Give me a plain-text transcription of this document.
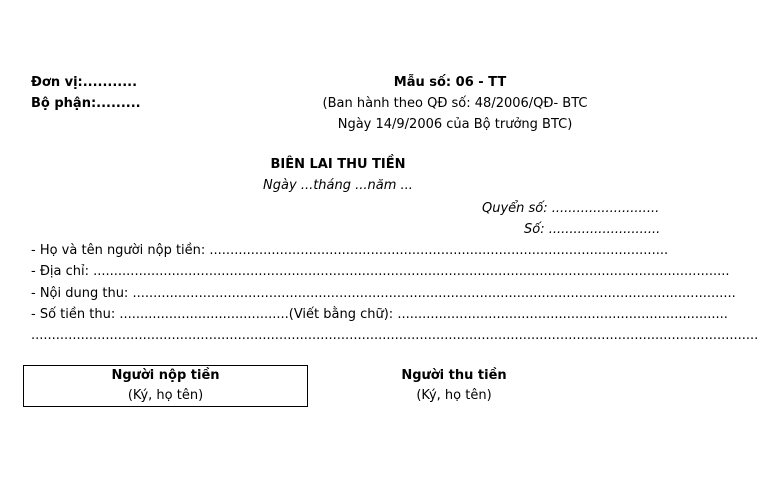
Đơn vị:...........
Bộ phận:.........
Mẫu số: 06 - TT
(Ban hành theo QĐ số: 48/2006/QĐ- BTC
Ngày 14/9/2006 của Bộ trưởng BTC)
BIÊN LAI THU TIỀN
Ngày ...tháng ...năm ...
Quyển số: ..........................
Số: ...........................
- Họ và tên người nộp tiền: ...............................................................................................................
- Địa chỉ: ..........................................................................................................................................................
- Nội dung thu: ..................................................................................................................................................
- Số tiền thu: .........................................(Viết bằng chữ): ................................................................................
................................................................................................................................................................................
Người nộp tiền
(Ký, họ tên)
Người thu tiền
(Ký, họ tên)
